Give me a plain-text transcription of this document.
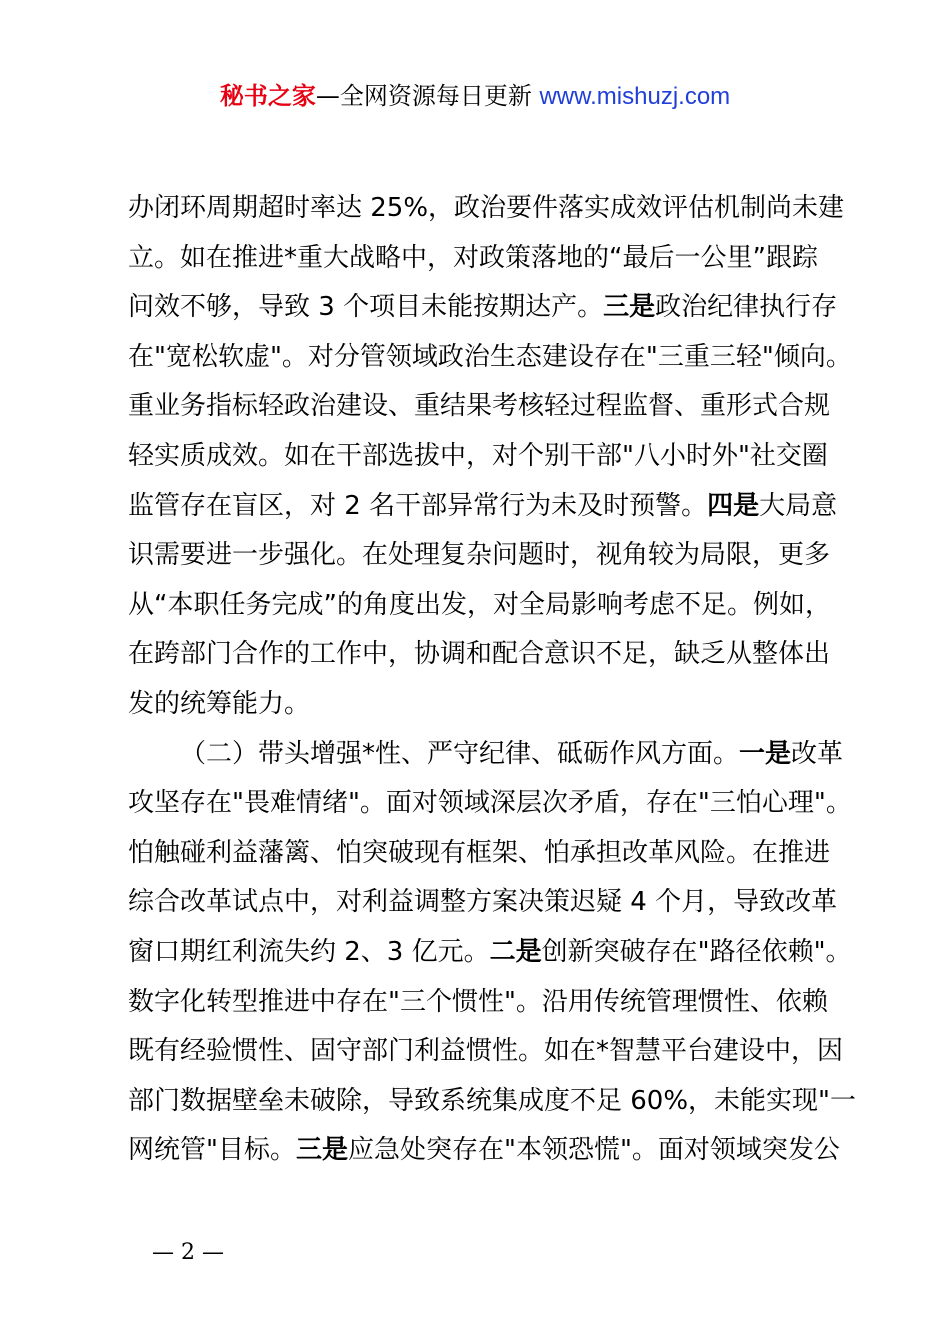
秘书之家—全网资源每日更新 www.mishuzj.com
办闭环周期超时率达 25%，政治要件落实成效评估机制尚未建
立。如在推进*重大战略中，对政策落地的“最后一公里”跟踪
问效不够，导致 3 个项目未能按期达产。三是政治纪律执行存
在"宽松软虚"。对分管领域政治生态建设存在"三重三轻"倾向。
重业务指标轻政治建设、重结果考核轻过程监督、重形式合规
轻实质成效。如在干部选拔中，对个别干部"八小时外"社交圈
监管存在盲区，对 2 名干部异常行为未及时预警。四是大局意
识需要进一步强化。在处理复杂问题时，视角较为局限，更多
从“本职任务完成”的角度出发，对全局影响考虑不足。例如，
在跨部门合作的工作中，协调和配合意识不足，缺乏从整体出
发的统筹能力。
（二）带头增强*性、严守纪律、砥砺作风方面。一是改革
攻坚存在"畏难情绪"。面对领域深层次矛盾，存在"三怕心理"。
怕触碰利益藩篱、怕突破现有框架、怕承担改革风险。在推进
综合改革试点中，对利益调整方案决策迟疑 4 个月，导致改革
窗口期红利流失约 2、3 亿元。二是创新突破存在"路径依赖"。
数字化转型推进中存在"三个惯性"。沿用传统管理惯性、依赖
既有经验惯性、固守部门利益惯性。如在*智慧平台建设中，因
部门数据壁垒未破除，导致系统集成度不足 60%，未能实现"一
网统管"目标。三是应急处突存在"本领恐慌"。面对领域突发公
— 2 —
